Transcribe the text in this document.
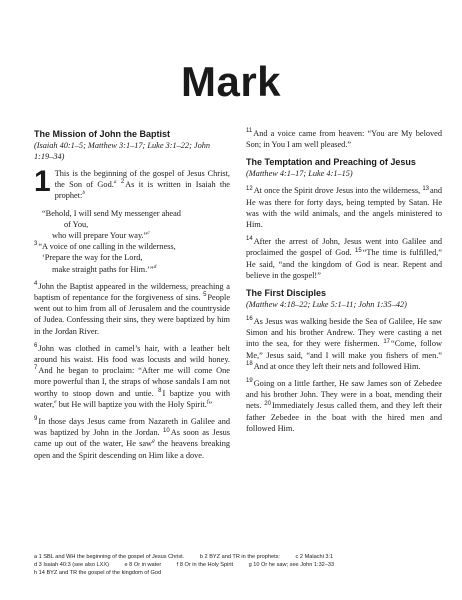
Mark
The Mission of John the Baptist
(Isaiah 40:1–5; Matthew 3:1–17; Luke 3:1–22; John 1:19–34)

1 This is the beginning of the gospel of Jesus Christ, the Son of God.$^a$ $^2$As it is written in Isaiah the prophet:$^b$

“Behold, I will send My messenger ahead
of You,
who will prepare Your way.”$^c$
$^3$“A voice of one calling in the wilderness,
‘Prepare the way for the Lord,
make straight paths for Him.’”$^d$

$^4$John the Baptist appeared in the wilderness, preaching a baptism of repentance for the forgiveness of sins. $^5$People went out to him from all of Jerusalem and the countryside of Judea. Confessing their sins, they were baptized by him in the Jordan River.

$^6$John was clothed in camel’s hair, with a leather belt around his waist. His food was locusts and wild honey. $^7$And he began to proclaim: “After me will come One more powerful than I, the straps of whose sandals I am not worthy to stoop down and untie. $^8$I baptize you with water,$^e$ but He will baptize you with the Holy Spirit.$^f$”

$^9$In those days Jesus came from Nazareth in Galilee and was baptized by John in the Jordan. $^{10}$As soon as Jesus came up out of the water, He saw$^g$ the heavens breaking open and the Spirit descending on Him like a dove.

$^{11}$And a voice came from heaven: “You are My beloved Son; in You I am well pleased.”

The Temptation and Preaching of Jesus
(Matthew 4:1–17; Luke 4:1–15)

$^{12}$At once the Spirit drove Jesus into the wilderness, $^{13}$and He was there for forty days, being tempted by Satan. He was with the wild animals, and the angels ministered to Him.

$^{14}$After the arrest of John, Jesus went into Galilee and proclaimed the gospel of God. $^{15}$“The time is fulfilled,” He said, “and the kingdom of God is near. Repent and believe in the gospel!”

The First Disciples
(Matthew 4:18–22; Luke 5:1–11; John 1:35–42)

$^{16}$As Jesus was walking beside the Sea of Galilee, He saw Simon and his brother Andrew. They were casting a net into the sea, for they were fishermen. $^{17}$“Come, follow Me,” Jesus said, “and I will make you fishers of men.” $^{18}$And at once they left their nets and followed Him.

$^{19}$Going on a little farther, He saw James son of Zebedee and his brother John. They were in a boat, mending their nets. $^{20}$Immediately Jesus called them, and they left their father Zebedee in the boat with the hired men and followed Him.

a 1 SBL and WH the beginning of the gospel of Jesus Christ.	b 2 BYZ and TR in the prophets:	c 2 Malachi 3:1
d 3 Isaiah 40:3 (see also LXX)	e 8 Or in water	f 8 Or in the Holy Spirit	g 10 Or he saw; see John 1:32–33
h 14 BYZ and TR the gospel of the kingdom of God
